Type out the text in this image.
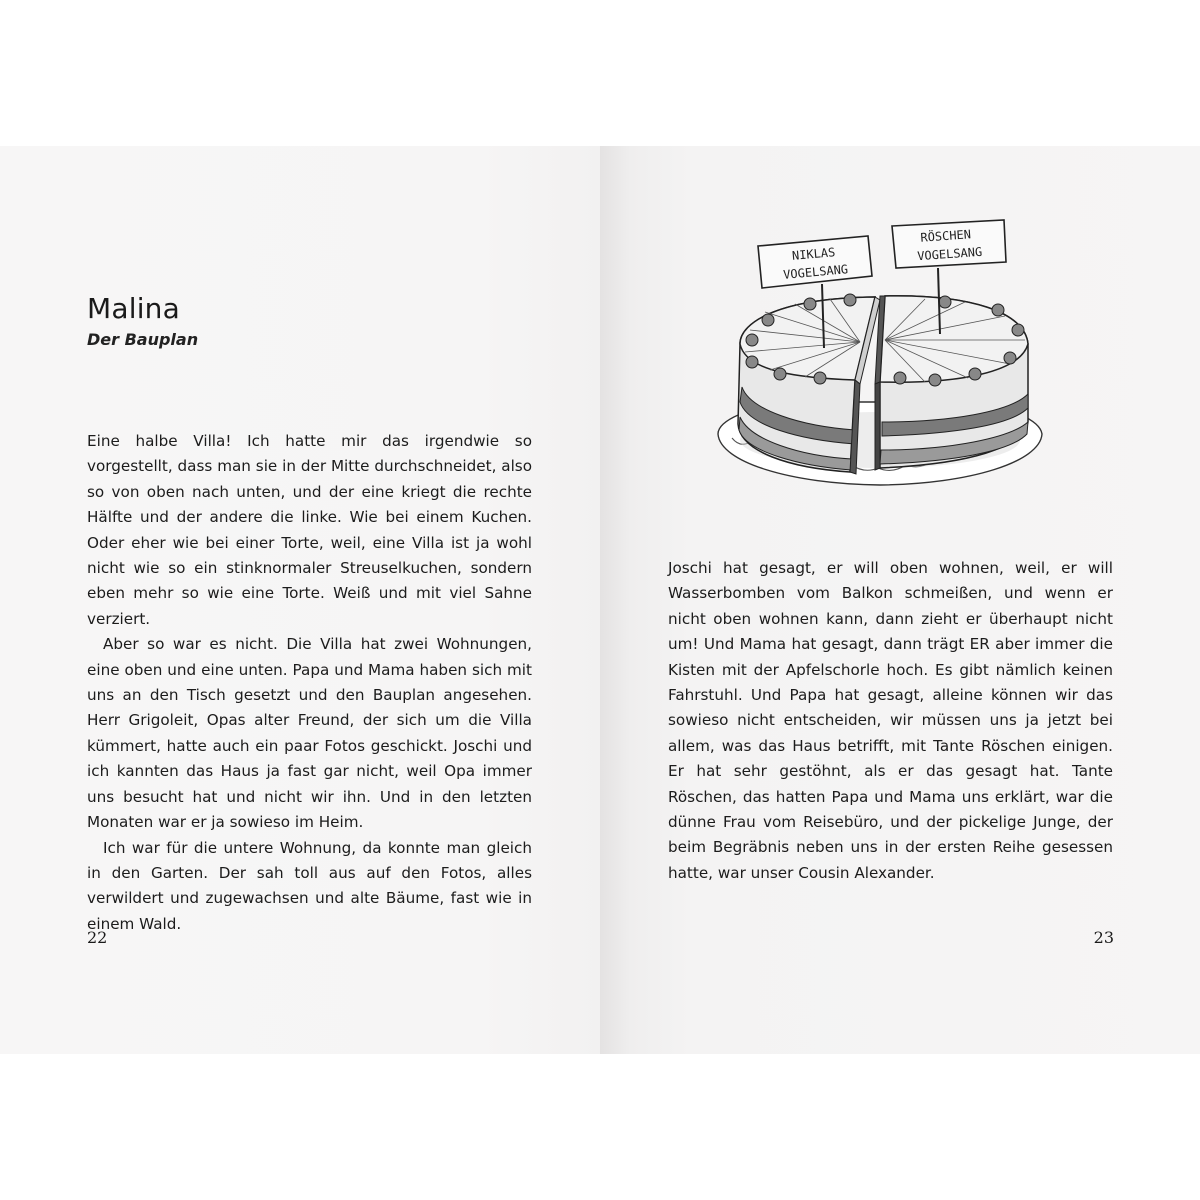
Malina
Der Bauplan

Eine halbe Villa! Ich hatte mir das irgendwie so vorgestellt, dass man sie in der Mitte durchschneidet, also so von oben nach unten, und der eine kriegt die rechte Hälfte und der andere die linke. Wie bei einem Kuchen. Oder eher wie bei einer Torte, weil, eine Villa ist ja wohl nicht wie so ein stinknormaler Streuselkuchen, sondern eben mehr so wie eine Torte. Weiß und mit viel Sahne verziert.

Aber so war es nicht. Die Villa hat zwei Wohnungen, eine oben und eine unten. Papa und Mama haben sich mit uns an den Tisch gesetzt und den Bauplan angesehen. Herr Grigoleit, Opas alter Freund, der sich um die Villa kümmert, hatte auch ein paar Fotos geschickt. Joschi und ich kannten das Haus ja fast gar nicht, weil Opa immer uns besucht hat und nicht wir ihn. Und in den letzten Monaten war er ja sowieso im Heim.

Ich war für die untere Wohnung, da konnte man gleich in den Garten. Der sah toll aus auf den Fotos, alles verwildert und zugewachsen und alte Bäume, fast wie in einem Wald.

22
NIKLAS
VOGELSANG
RÖSCHEN
VOGELSANG

Joschi hat gesagt, er will oben wohnen, weil, er will Wasserbomben vom Balkon schmeißen, und wenn er nicht oben wohnen kann, dann zieht er überhaupt nicht um! Und Mama hat gesagt, dann trägt ER aber immer die Kisten mit der Apfelschorle hoch. Es gibt nämlich keinen Fahrstuhl. Und Papa hat gesagt, alleine können wir das sowieso nicht entscheiden, wir müssen uns ja jetzt bei allem, was das Haus betrifft, mit Tante Röschen einigen. Er hat sehr gestöhnt, als er das gesagt hat. Tante Röschen, das hatten Papa und Mama uns erklärt, war die dünne Frau vom Reisebüro, und der pickelige Junge, der beim Begräbnis neben uns in der ersten Reihe gesessen hatte, war unser Cousin Alexander.

23
